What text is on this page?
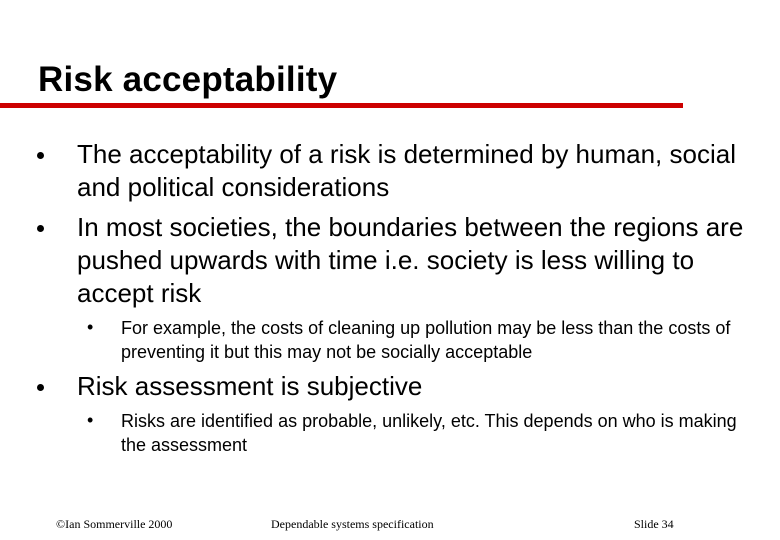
Risk acceptability
The acceptability of a risk is determined by human, social and political considerations
In most societies, the boundaries between the regions are pushed upwards with time i.e. society is less willing to accept risk
• For example, the costs of cleaning up pollution may be less than the costs of preventing it but this may not be socially acceptable
Risk assessment is subjective
• Risks are identified as probable, unlikely, etc. This depends on who is making the assessment
©Ian Sommerville 2000	Dependable systems specification	Slide 34
